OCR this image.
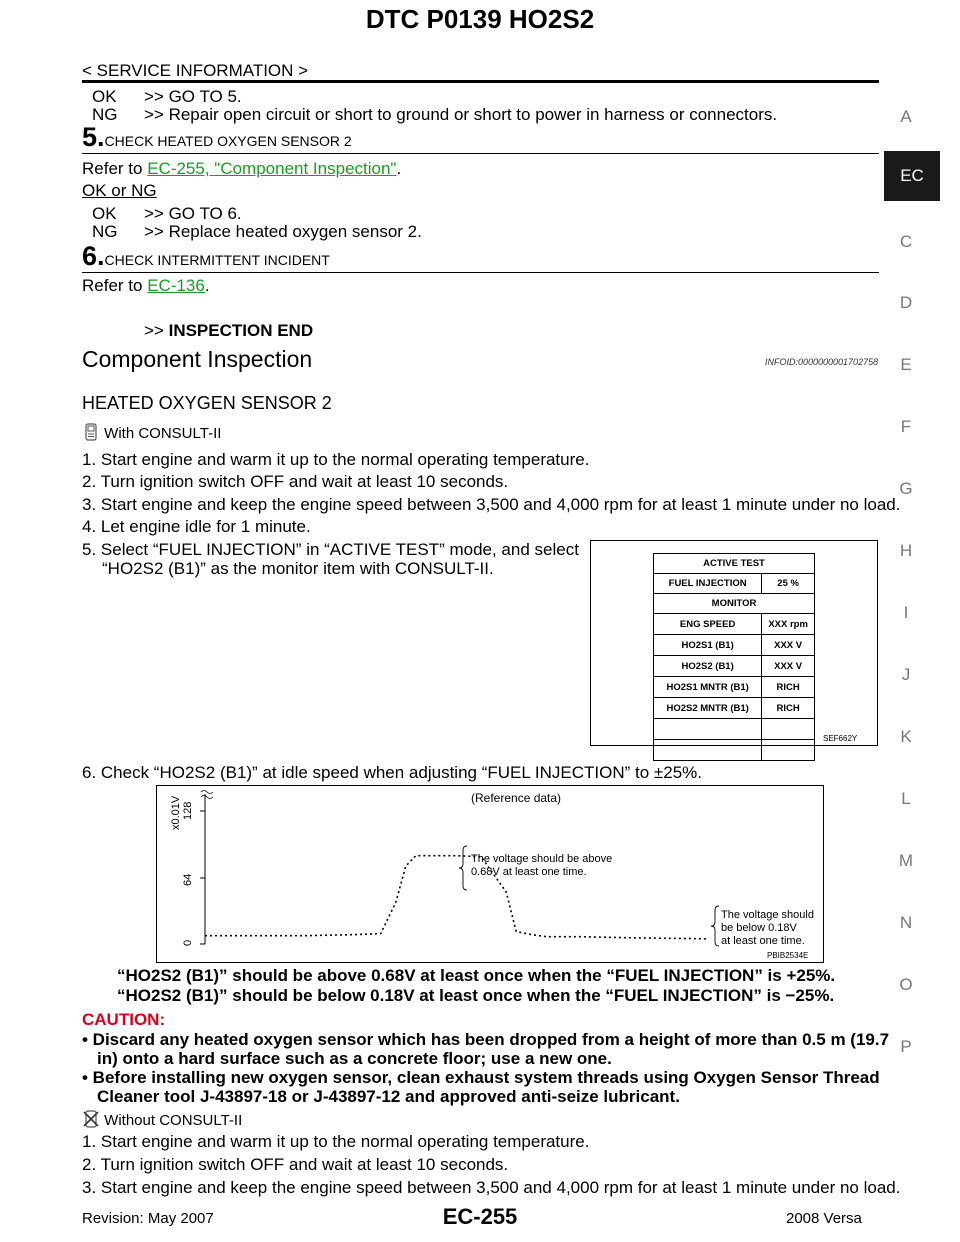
DTC P0139 HO2S2
< SERVICE INFORMATION >
A
EC
C
D
E
F
G
H
I
J
K
L
M
N
O
P
OK >> GO TO 5.
NG >> Repair open circuit or short to ground or short to power in harness or connectors.
5.CHECK HEATED OXYGEN SENSOR 2
Refer to EC-255, "Component Inspection".
OK or NG
OK >> GO TO 6.
NG >> Replace heated oxygen sensor 2.
6.CHECK INTERMITTENT INCIDENT
Refer to EC-136.
>> INSPECTION END
Component Inspection	INFOID:0000000001702758
HEATED OXYGEN SENSOR 2
With CONSULT-II
1. Start engine and warm it up to the normal operating temperature.
2. Turn ignition switch OFF and wait at least 10 seconds.
3. Start engine and keep the engine speed between 3,500 and 4,000 rpm for at least 1 minute under no load.
4. Let engine idle for 1 minute.
5. Select “FUEL INJECTION” in “ACTIVE TEST” mode, and select
“HO2S2 (B1)” as the monitor item with CONSULT-II.	ACTIVE TEST	
FUEL INJECTION	25 %
MONITOR	
ENG SPEED	XXX rpm
HO2S1 (B1)	XXX V
HO2S2 (B1)	XXX V
HO2S1 MNTR (B1)	RICH
HO2S2 MNTR (B1)	RICH

SEF662Y
6. Check “HO2S2 (B1)” at idle speed when adjusting “FUEL INJECTION” to ±25%.
0
64
128
x0.01V	(Reference data)
The voltage should be above
0.68V at least one time.
The voltage should
be below 0.18V
at least one time.
PBIB2534E
“HO2S2 (B1)” should be above 0.68V at least once when the “FUEL INJECTION” is +25%.
“HO2S2 (B1)” should be below 0.18V at least once when the “FUEL INJECTION” is −25%.
CAUTION:
• Discard any heated oxygen sensor which has been dropped from a height of more than 0.5 m (19.7
in) onto a hard surface such as a concrete floor; use a new one.
• Before installing new oxygen sensor, clean exhaust system threads using Oxygen Sensor Thread
Cleaner tool J-43897-18 or J-43897-12 and approved anti-seize lubricant.
Without CONSULT-II
1. Start engine and warm it up to the normal operating temperature.
2. Turn ignition switch OFF and wait at least 10 seconds.
3. Start engine and keep the engine speed between 3,500 and 4,000 rpm for at least 1 minute under no load.
Revision: May 2007	EC-255	2008 Versa
